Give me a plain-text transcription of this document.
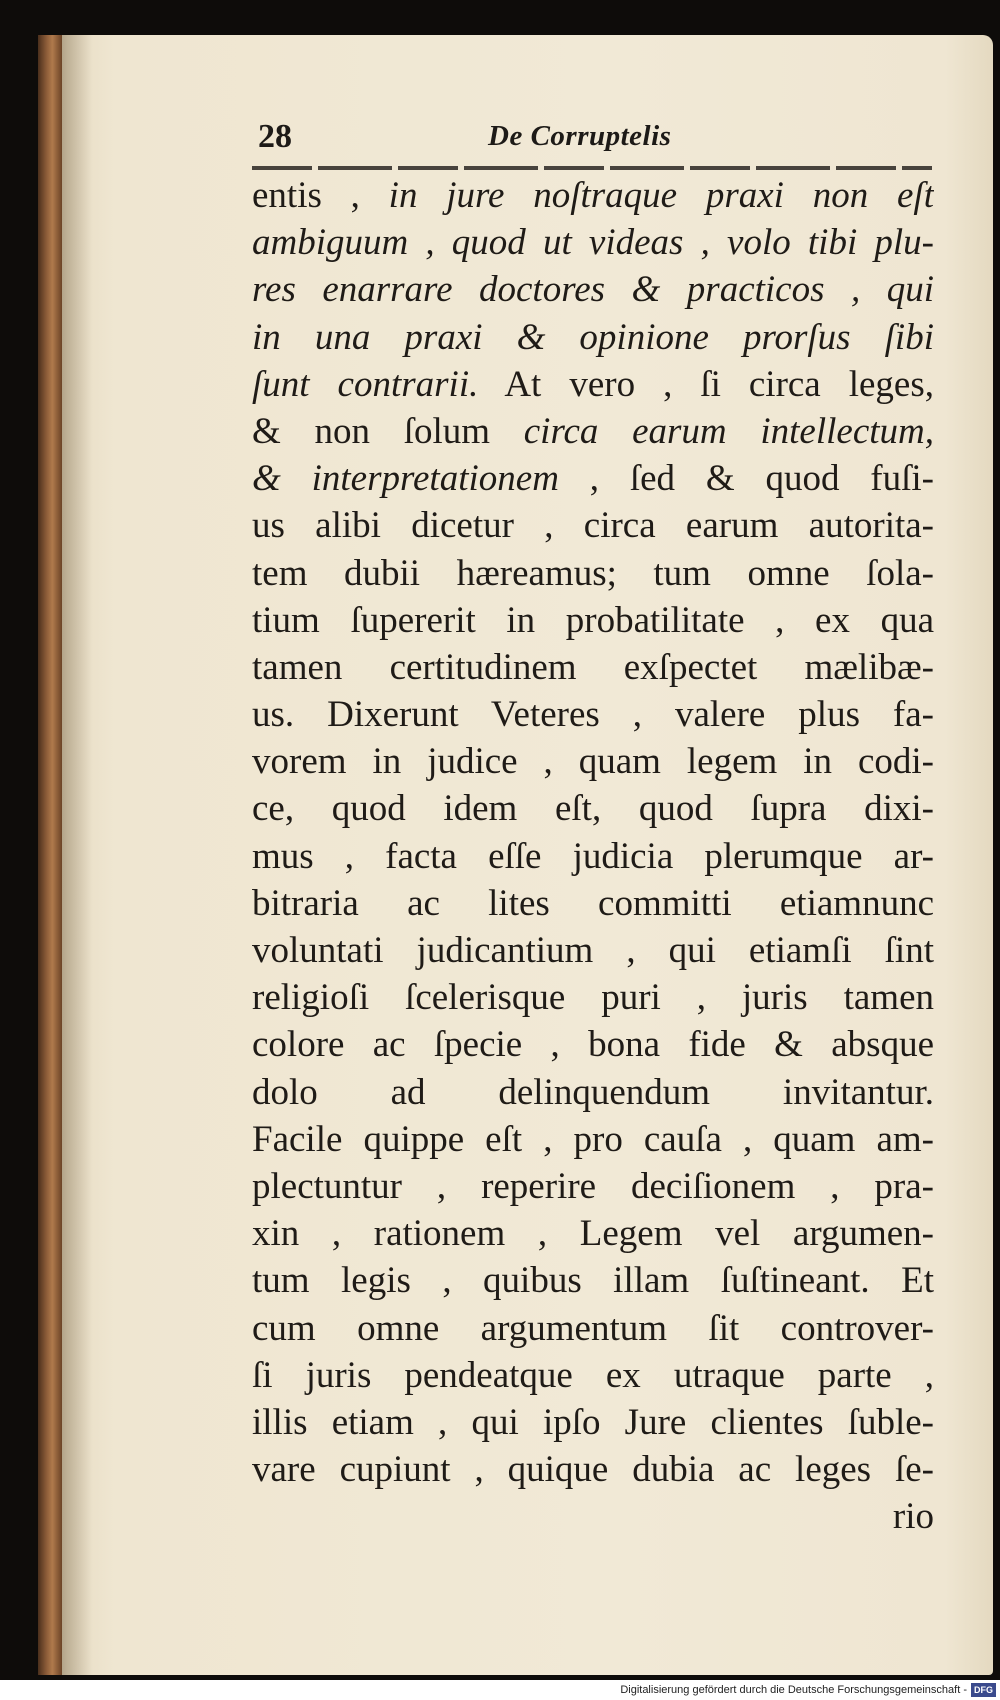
28	De Corruptelis
entis , in jure noſtraque praxi non eſt
ambiguum , quod ut videas , volo tibi plu-
res enarrare doctores & practicos , qui
in una praxi & opinione prorſus ſibi
ſunt contrarii. At vero , ſi circa leges,
& non ſolum circa earum intellectum,
& interpretationem , ſed & quod fuſi-
us alibi dicetur , circa earum autorita-
tem dubii hæreamus; tum omne ſola-
tium ſupererit in probatilitate , ex qua
tamen certitudinem exſpectet mælibæ-
us. Dixerunt Veteres , valere plus fa-
vorem in judice , quam legem in codi-
ce, quod idem eſt, quod ſupra dixi-
mus , facta eſſe judicia plerumque ar-
bitraria ac lites committi etiamnunc
voluntati judicantium , qui etiamſi ſint
religioſi ſcelerisque puri , juris tamen
colore ac ſpecie , bona fide & absque
dolo ad delinquendum invitantur.
Facile quippe eſt , pro cauſa , quam am-
plectuntur , reperire deciſionem , pra-
xin , rationem , Legem vel argumen-
tum legis , quibus illam ſuſtineant. Et
cum omne argumentum ſit controver-
ſi juris pendeatque ex utraque parte ,
illis etiam , qui ipſo Jure clientes ſuble-
vare cupiunt , quique dubia ac leges ſe-
rio
Digitalisierung gefördert durch die Deutsche Forschungsgemeinschaft - DFG
